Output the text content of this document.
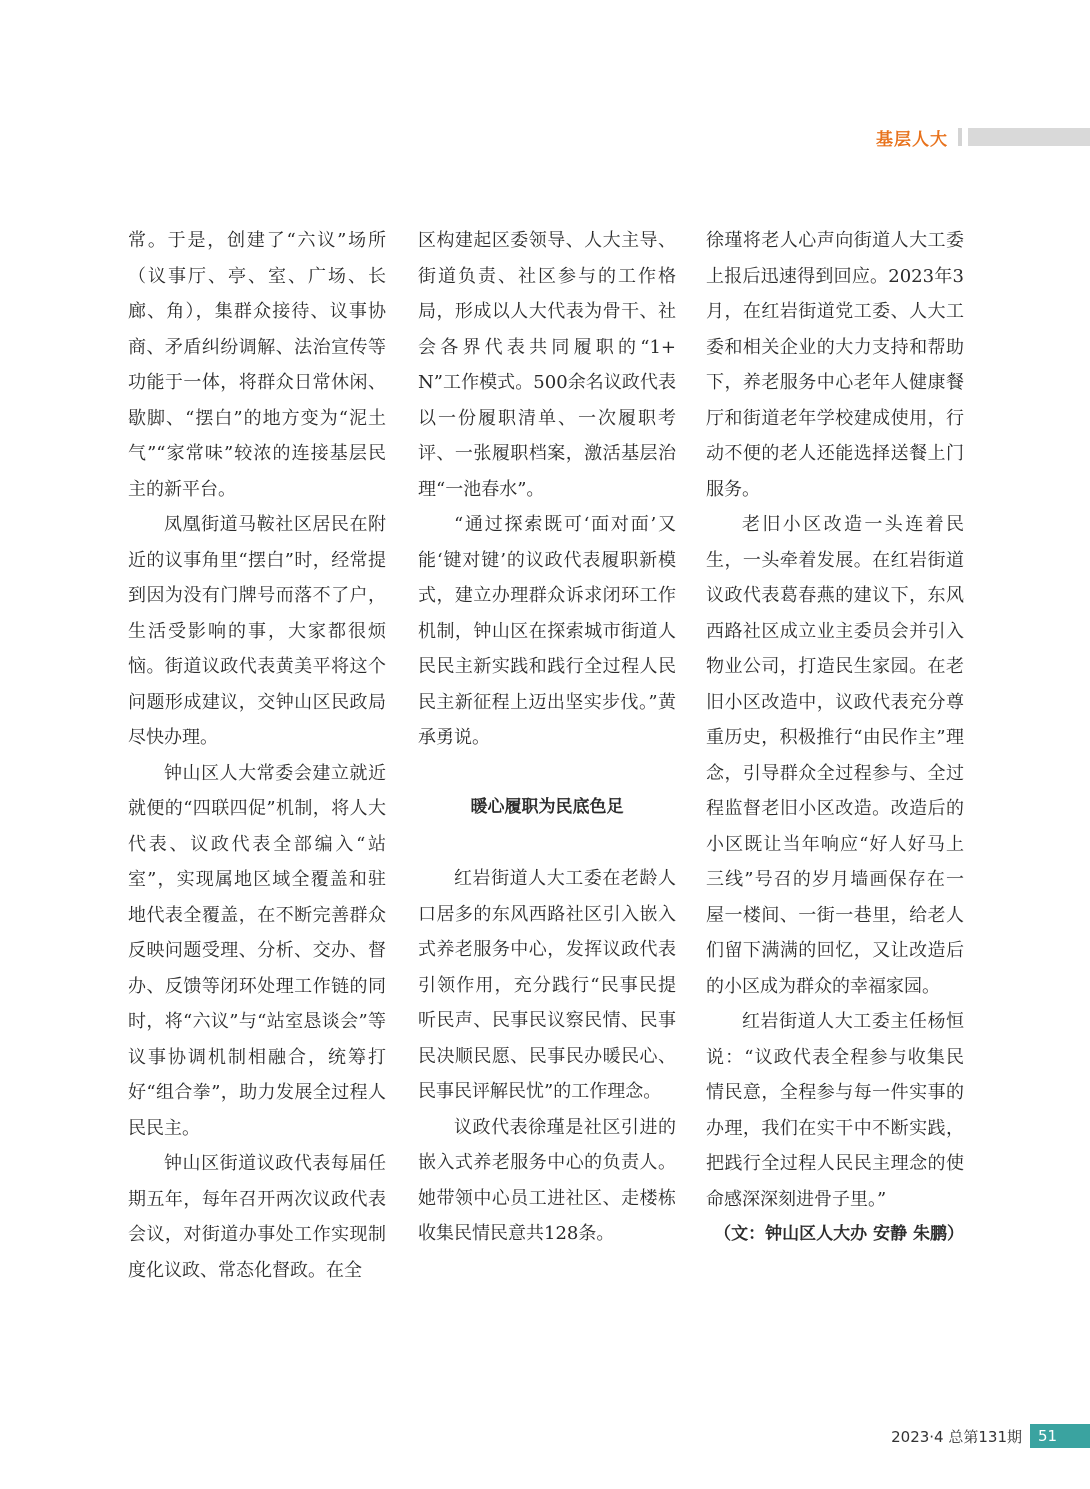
基层人大

常。于是，创建了“六议”场所（议事厅、亭、室、广场、长廊、角），集群众接待、议事协商、矛盾纠纷调解、法治宣传等功能于一体，将群众日常休闲、歇脚、“摆白”的地方变为“泥土气”“家常味”较浓的连接基层民主的新平台。

凤凰街道马鞍社区居民在附近的议事角里“摆白”时，经常提到因为没有门牌号而落不了户，生活受影响的事，大家都很烦恼。街道议政代表黄美平将这个问题形成建议，交钟山区民政局尽快办理。

钟山区人大常委会建立就近就便的“四联四促”机制，将人大代表、议政代表全部编入“站室”，实现属地区域全覆盖和驻地代表全覆盖，在不断完善群众反映问题受理、分析、交办、督办、反馈等闭环处理工作链的同时，将“六议”与“站室恳谈会”等议事协调机制相融合，统筹打好“组合拳”，助力发展全过程人民民主。

钟山区街道议政代表每届任期五年，每年召开两次议政代表会议，对街道办事处工作实现制度化议政、常态化督政。在全

区构建起区委领导、人大主导、街道负责、社区参与的工作格局，形成以人大代表为骨干、社会各界代表共同履职的“1+N”工作模式。500余名议政代表以一份履职清单、一次履职考评、一张履职档案，激活基层治理“一池春水”。

“通过探索既可‘面对面’又能‘键对键’的议政代表履职新模式，建立办理群众诉求闭环工作机制，钟山区在探索城市街道人民民主新实践和践行全过程人民民主新征程上迈出坚实步伐。”黄承勇说。

暖心履职为民底色足

红岩街道人大工委在老龄人口居多的东风西路社区引入嵌入式养老服务中心，发挥议政代表引领作用，充分践行“民事民提听民声、民事民议察民情、民事民决顺民愿、民事民办暖民心、民事民评解民忧”的工作理念。

议政代表徐瑾是社区引进的嵌入式养老服务中心的负责人。她带领中心员工进社区、走楼栋收集民情民意共128条。

徐瑾将老人心声向街道人大工委上报后迅速得到回应。2023年3月，在红岩街道党工委、人大工委和相关企业的大力支持和帮助下，养老服务中心老年人健康餐厅和街道老年学校建成使用，行动不便的老人还能选择送餐上门服务。

老旧小区改造一头连着民生，一头牵着发展。在红岩街道议政代表葛春燕的建议下，东风西路社区成立业主委员会并引入物业公司，打造民生家园。在老旧小区改造中，议政代表充分尊重历史，积极推行“由民作主”理念，引导群众全过程参与、全过程监督老旧小区改造。改造后的小区既让当年响应“好人好马上三线”号召的岁月墙画保存在一屋一楼间、一街一巷里，给老人们留下满满的回忆，又让改造后的小区成为群众的幸福家园。

红岩街道人大工委主任杨恒说：“议政代表全程参与收集民情民意，全程参与每一件实事的办理，我们在实干中不断实践，把践行全过程人民民主理念的使命感深深刻进骨子里。”

（文：钟山区人大办 安静 朱鹏）
2023·4 总第131期	51
